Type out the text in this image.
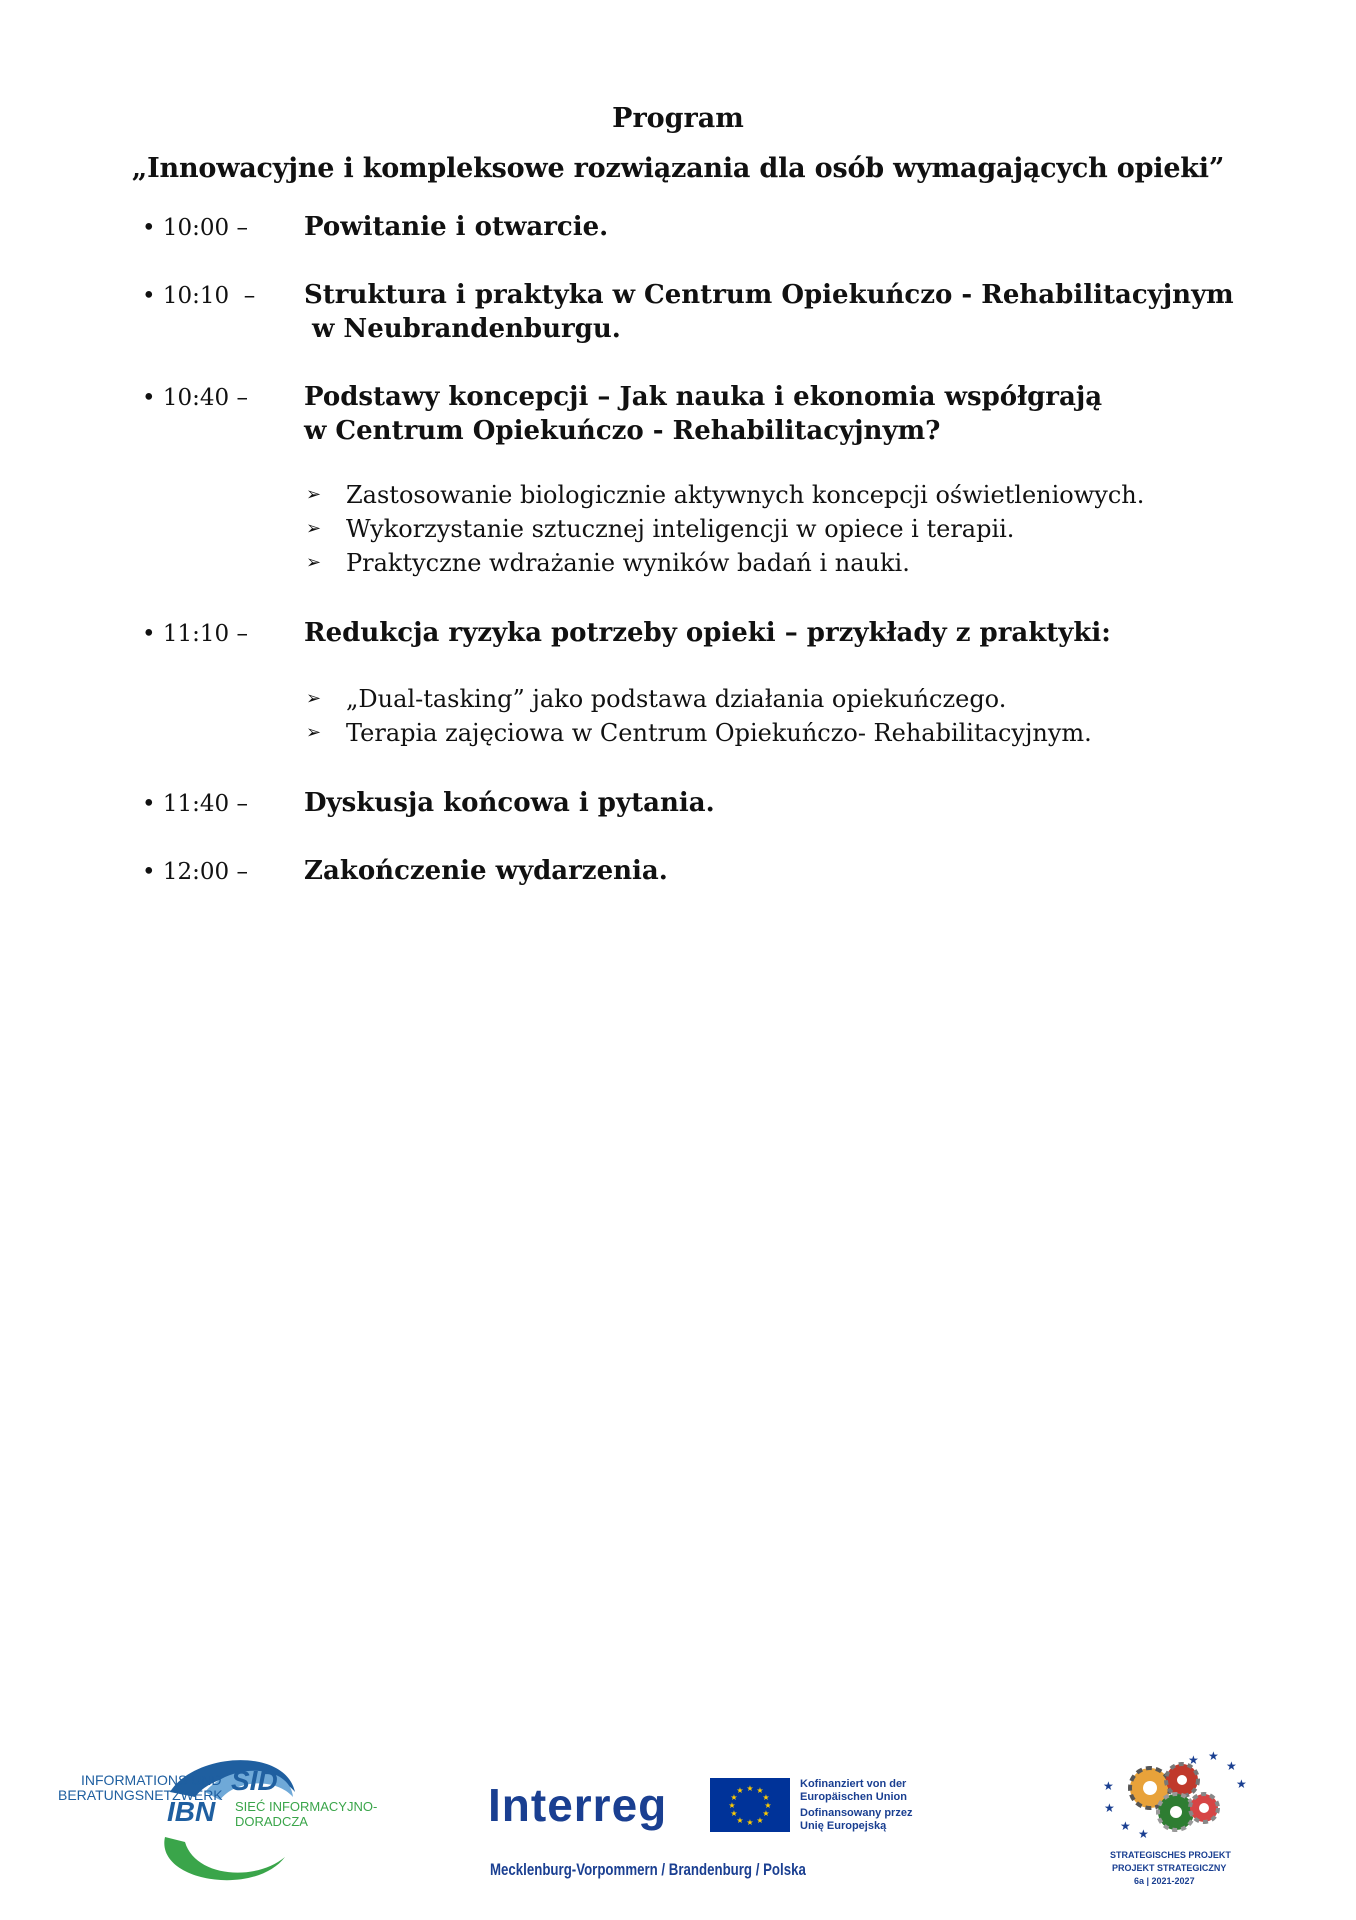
Program
„Innowacyjne i kompleksowe rozwiązania dla osób wymagających opieki”
• 10:00 – Powitanie i otwarcie.
• 10:10  – Struktura i praktyka w Centrum Opiekuńczo - Rehabilitacyjnym
w Neubrandenburgu.
• 10:40 – Podstawy koncepcji – Jak nauka i ekonomia współgrają
w Centrum Opiekuńczo - Rehabilitacyjnym?
➢ Zastosowanie biologicznie aktywnych koncepcji oświetleniowych.
➢ Wykorzystanie sztucznej inteligencji w opiece i terapii.
➢ Praktyczne wdrażanie wyników badań i nauki.
• 11:10 – Redukcja ryzyka potrzeby opieki – przykłady z praktyki:
➢ „Dual-tasking” jako podstawa działania opiekuńczego.
➢ Terapia zajęciowa w Centrum Opiekuńczo- Rehabilitacyjnym.
• 11:40 – Dyskusja końcowa i pytania.
• 12:00 – Zakończenie wydarzenia.
INFORMATIONS UND
BERATUNGSNETZWERK SID
IBN SIEĆ INFORMACYJNO-
DORADCZA	Interreg	★ ★
★
★
★
★
★
★
★
★
★
★
Kofinanziert von der
Europäischen Union
Dofinansowany przez
Unię Europejską
Mecklenburg-Vorpommern / Brandenburg / Polska
★
★
★
★
★ ★
★
★
STRATEGISCHES PROJEKT
PROJEKT STRATEGICZNY
6a | 2021-2027
